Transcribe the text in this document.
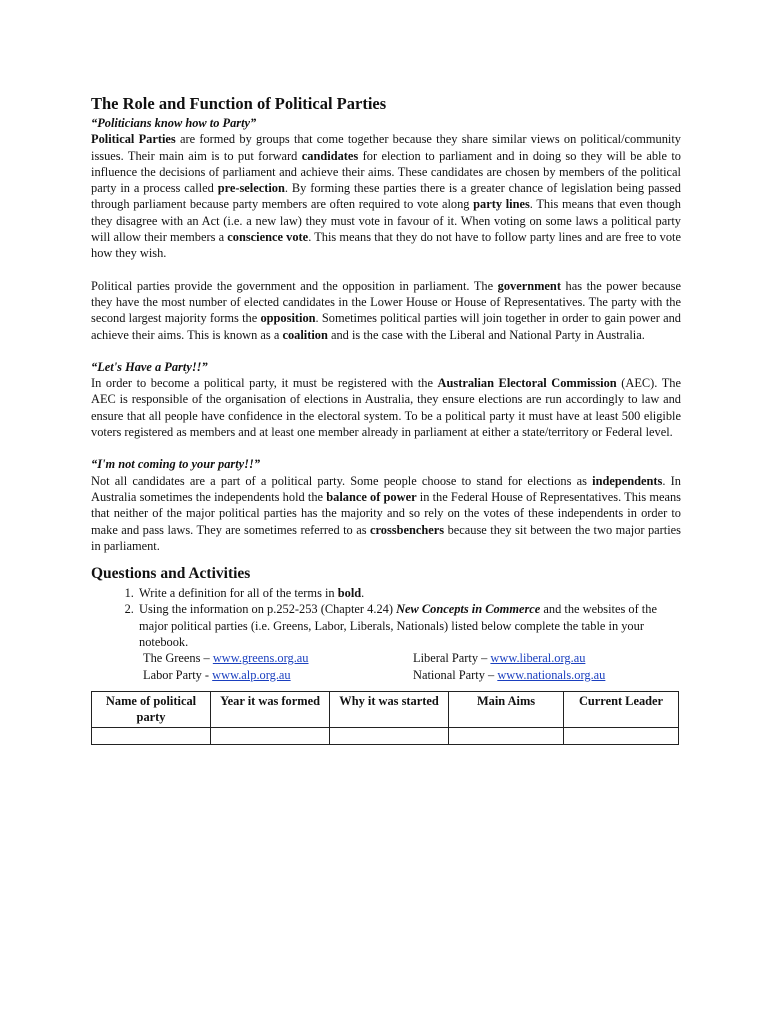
The Role and Function of Political Parties
“Politicians know how to Party”

Political Parties are formed by groups that come together because they share similar views on political/community issues. Their main aim is to put forward candidates for election to parliament and in doing so they will be able to influence the decisions of parliament and achieve their aims. These candidates are chosen by members of the political party in a process called pre-selection. By forming these parties there is a greater chance of legislation being passed through parliament because party members are often required to vote along party lines. This means that even though they disagree with an Act (i.e. a new law) they must vote in favour of it. When voting on some laws a political party will allow their members a conscience vote. This means that they do not have to follow party lines and are free to vote how they wish.

Political parties provide the government and the opposition in parliament. The government has the power because they have the most number of elected candidates in the Lower House or House of Representatives. The party with the second largest majority forms the opposition. Sometimes political parties will join together in order to gain power and achieve their aims. This is known as a coalition and is the case with the Liberal and National Party in Australia.

“Let's Have a Party!!”

In order to become a political party, it must be registered with the Australian Electoral Commission (AEC). The AEC is responsible of the organisation of elections in Australia, they ensure elections are run accordingly to law and ensure that all people have confidence in the electoral system. To be a political party it must have at least 500 eligible voters registered as members and at least one member already in parliament at either a state/territory or Federal level.

“I'm not coming to your party!!”

Not all candidates are a part of a political party. Some people choose to stand for elections as independents. In Australia sometimes the independents hold the balance of power in the Federal House of Representatives. This means that neither of the major political parties has the majority and so rely on the votes of these independents in order to make and pass laws. They are sometimes referred to as crossbenchers because they sit between the two major parties in parliament.

Questions and Activities
1. Write a definition for all of the terms in bold.
2. Using the information on p.252-253 (Chapter 4.24) New Concepts in Commerce and the websites of the major political parties (i.e. Greens, Labor, Liberals, Nationals) listed below complete the table in your notebook.
The Greens – www.greens.org.au	Liberal Party – www.liberal.org.au
Labor Party - www.alp.org.au	National Party – www.nationals.org.au
Name of political party	Year it was formed	Why it was started	Main Aims	Current Leader
